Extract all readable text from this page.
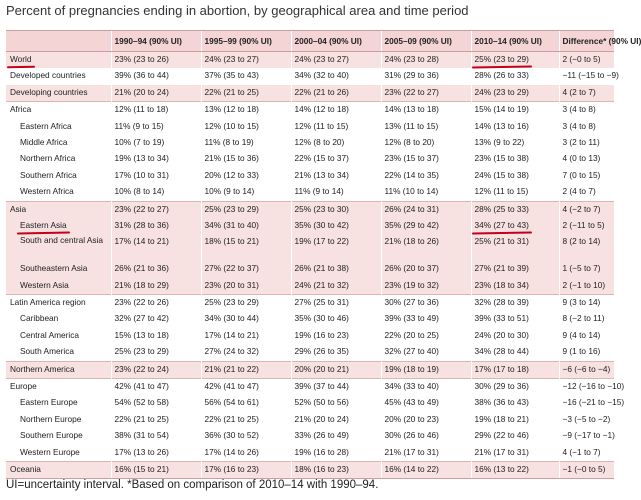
Percent of pregnancies ending in abortion, by geographical area and time period
	1990–94 (90% UI)	1995–99 (90% UI)	2000–04 (90% UI)	2005–09 (90% UI)	2010–14 (90% UI)	Difference* (90% UI)
World	23% (23 to 26)	24% (23 to 27)	24% (23 to 27)	24% (23 to 28)	25% (23 to 29)	2 (−0 to 5)
Developed countries	39% (36 to 44)	37% (35 to 43)	34% (32 to 40)	31% (29 to 36)	28% (26 to 33)	−11 (−15 to −9)
Developing countries	21% (20 to 24)	22% (21 to 25)	22% (21 to 26)	23% (22 to 27)	24% (23 to 29)	4 (2 to 7)
Africa	12% (11 to 18)	13% (12 to 18)	14% (12 to 18)	14% (13 to 18)	15% (14 to 19)	3 (4 to 8)
Eastern Africa	11% (9 to 15)	12% (10 to 15)	12% (11 to 15)	13% (11 to 15)	14% (13 to 16)	3 (4 to 8)
Middle Africa	10% (7 to 19)	11% (8 to 19)	12% (8 to 20)	12% (8 to 20)	13% (9 to 22)	3 (2 to 11)
Northern Africa	19% (13 to 34)	21% (15 to 36)	22% (15 to 37)	23% (15 to 37)	23% (15 to 38)	4 (0 to 13)
Southern Africa	17% (10 to 31)	20% (12 to 33)	21% (13 to 34)	22% (14 to 35)	24% (15 to 38)	7 (0 to 15)
Western Africa	10% (8 to 14)	10% (9 to 14)	11% (9 to 14)	11% (10 to 14)	12% (11 to 15)	2 (4 to 7)
Asia	23% (22 to 27)	25% (23 to 29)	25% (23 to 30)	26% (24 to 31)	28% (25 to 33)	4 (−2 to 7)
Eastern Asia	31% (28 to 36)	34% (31 to 40)	35% (30 to 42)	35% (29 to 42)	34% (27 to 43)	2 (−11 to 5)
South and central Asia	17% (14 to 21)	18% (15 to 21)	19% (17 to 22)	21% (18 to 26)	25% (21 to 31)	8 (2 to 14)
Southeastern Asia	26% (21 to 36)	27% (22 to 37)	26% (21 to 38)	26% (20 to 37)	27% (21 to 39)	1 (−5 to 7)
Western Asia	21% (18 to 29)	23% (20 to 31)	24% (21 to 32)	23% (19 to 32)	23% (18 to 34)	2 (−1 to 10)
Latin America region	23% (22 to 26)	25% (23 to 29)	27% (25 to 31)	30% (27 to 36)	32% (28 to 39)	9 (3 to 14)
Caribbean	32% (27 to 42)	34% (30 to 44)	35% (30 to 46)	39% (33 to 49)	39% (33 to 51)	8 (−2 to 11)
Central America	15% (13 to 18)	17% (14 to 21)	19% (16 to 23)	22% (20 to 25)	24% (20 to 30)	9 (4 to 14)
South America	25% (23 to 29)	27% (24 to 32)	29% (26 to 35)	32% (27 to 40)	34% (28 to 44)	9 (1 to 16)
Northern America	23% (22 to 24)	21% (21 to 22)	20% (20 to 21)	19% (18 to 19)	17% (17 to 18)	−6 (−6 to −4)
Europe	42% (41 to 47)	42% (41 to 47)	39% (37 to 44)	34% (33 to 40)	30% (29 to 36)	−12 (−16 to −10)
Eastern Europe	54% (52 to 58)	56% (54 to 61)	52% (50 to 56)	45% (43 to 49)	38% (36 to 43)	−16 (−21 to −15)
Northern Europe	22% (21 to 25)	22% (21 to 25)	21% (20 to 24)	20% (20 to 23)	19% (18 to 21)	−3 (−5 to −2)
Southern Europe	38% (31 to 54)	36% (30 to 52)	33% (26 to 49)	30% (26 to 46)	29% (22 to 46)	−9 (−17 to −1)
Western Europe	17% (13 to 26)	17% (14 to 26)	19% (16 to 28)	21% (17 to 31)	21% (17 to 31)	4 (−1 to 7)
Oceania	16% (15 to 21)	17% (16 to 23)	18% (16 to 23)	16% (14 to 22)	16% (13 to 22)	−1 (−0 to 5)
UI=uncertainty interval. *Based on comparison of 2010–14 with 1990–94.
